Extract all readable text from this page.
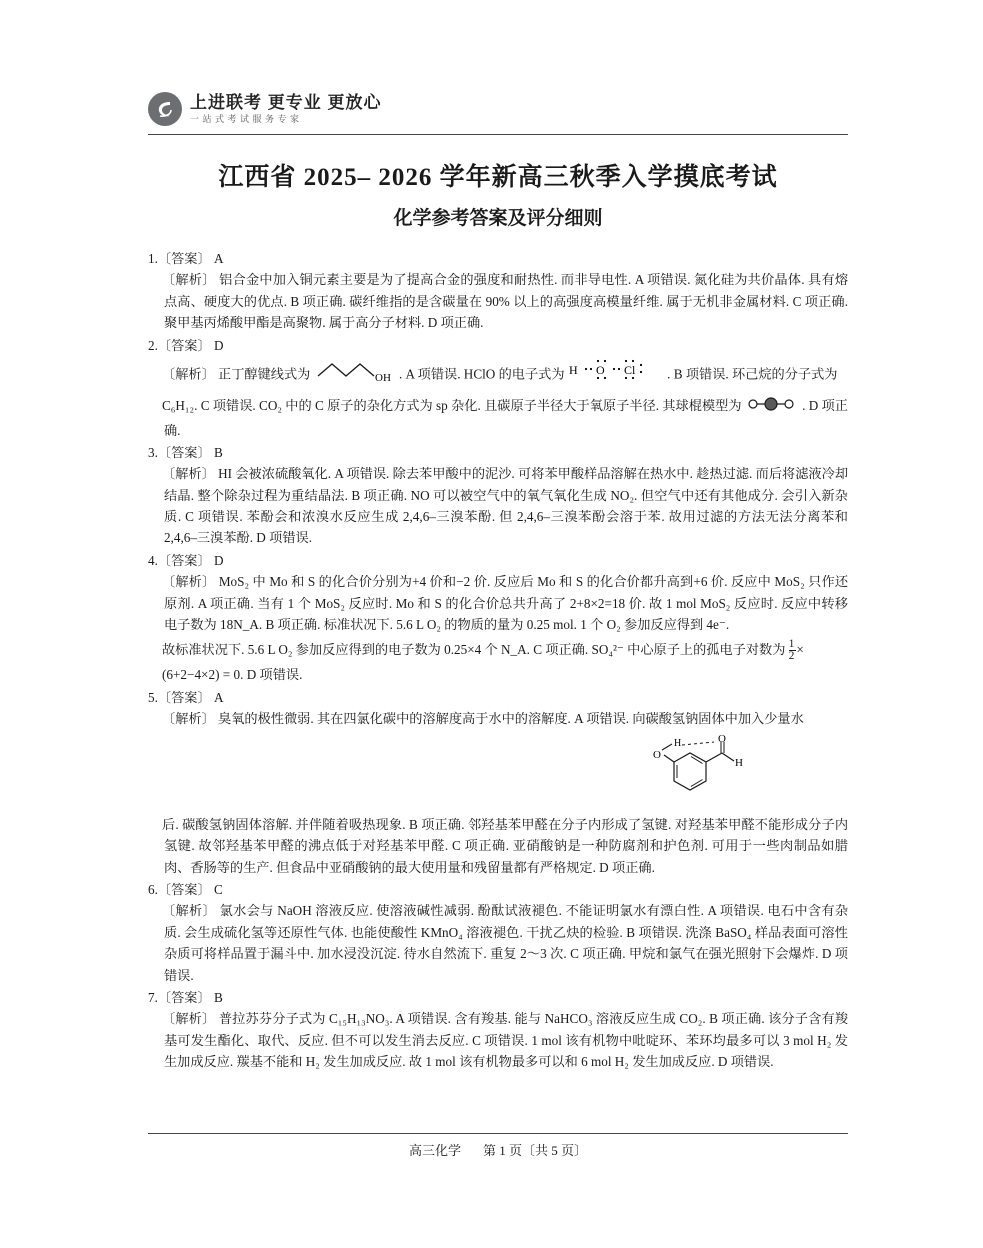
上进联考 更专业 更放心
一 站 式 考 试 服 务 专 家
江西省 2025– 2026 学年新高三秋季入学摸底考试
化学参考答案及评分细则
1.〔答案〕 A

〔解析〕 铝合金中加入铜元素主要是为了提高合金的强度和耐热性. 而非导电性. A 项错误. 氮化硅为共价晶体. 具有熔点高、硬度大的优点. B 项正确. 碳纤维指的是含碳量在 90% 以上的高强度高模量纤维. 属于无机非金属材料. C 项正确. 聚甲基丙烯酸甲酯是高聚物. 属于高分子材料. D 项正确.

2.〔答案〕 D

〔解析〕 正丁醇键线式为	OH . A 项错误. HClO 的电子式为 H O Cl . B 项错误. 环己烷的分子式为

C₆H₁₂. C 项错误. CO₂ 中的 C 原子的杂化方式为 sp 杂化. 且碳原子半径大于氧原子半径. 其球棍模型为	. D 项正确.

3.〔答案〕 B

〔解析〕 HI 会被浓硫酸氧化. A 项错误. 除去苯甲酸中的泥沙. 可将苯甲酸样品溶解在热水中. 趁热过滤. 而后将滤液冷却结晶. 整个除杂过程为重结晶法. B 项正确. NO 可以被空气中的氧气氧化生成 NO₂. 但空气中还有其他成分. 会引入新杂质. C 项错误. 苯酚会和浓溴水反应生成 2,4,6–三溴苯酚. 但 2,4,6–三溴苯酚会溶于苯. 故用过滤的方法无法分离苯和 2,4,6–三溴苯酚. D 项错误.

4.〔答案〕 D

〔解析〕 MoS₂ 中 Mo 和 S 的化合价分别为+4 价和−2 价. 反应后 Mo 和 S 的化合价都升高到+6 价. 反应中 MoS₂ 只作还原剂. A 项正确. 当有 1 个 MoS₂ 反应时. Mo 和 S 的化合价总共升高了 2+8×2=18 价. 故 1 mol MoS₂ 反应时. 反应中转移电子数为 18N_A. B 项正确. 标准状况下. 5.6 L O₂ 的物质的量为 0.25 mol. 1 个 O₂ 参加反应得到 4e⁻.

故标准状况下. 5.6 L O₂ 参加反应得到的电子数为 0.25×4 个 N_A. C 项正确. SO₄²⁻ 中心原子上的孤电子对数为 $\frac{1}{2}$ ×

(6+2−4×2) = 0. D 项错误.

5.〔答案〕 A

〔解析〕 臭氧的极性微弱. 其在四氯化碳中的溶解度高于水中的溶解度. A 项错误. 向碳酸氢钠固体中加入少量水

O
H
H
O

后. 碳酸氢钠固体溶解. 并伴随着吸热现象. B 项正确. 邻羟基苯甲醛在分子内形成了氢键. 对羟基苯甲醛不能形成分子内氢键. 故邻羟基苯甲醛的沸点低于对羟基苯甲醛. C 项正确. 亚硝酸钠是一种防腐剂和护色剂. 可用于一些肉制品如腊肉、香肠等的生产. 但食品中亚硝酸钠的最大使用量和残留量都有严格规定. D 项正确.

6.〔答案〕 C

〔解析〕 氯水会与 NaOH 溶液反应. 使溶液碱性减弱. 酚酞试液褪色. 不能证明氯水有漂白性. A 项错误. 电石中含有杂质. 会生成硫化氢等还原性气体. 也能使酸性 KMnO₄ 溶液褪色. 干扰乙炔的检验. B 项错误. 洗涤 BaSO₄ 样品表面可溶性杂质可将样品置于漏斗中. 加水浸没沉淀. 待水自然流下. 重复 2～3 次. C 项正确. 甲烷和氯气在强光照射下会爆炸. D 项错误.

7.〔答案〕 B

〔解析〕 普拉苏芬分子式为 C₁₅H₁₃NO₃. A 项错误. 含有羧基. 能与 NaHCO₃ 溶液反应生成 CO₂. B 项正确. 该分子含有羧基可发生酯化、取代、反应. 但不可以发生消去反应. C 项错误. 1 mol 该有机物中吡啶环、苯环均最多可以 3 mol H₂ 发生加成反应. 羰基不能和 H₂ 发生加成反应. 故 1 mol 该有机物最多可以和 6 mol H₂ 发生加成反应. D 项错误.

高三化学 第 1 页〔共 5 页〕
